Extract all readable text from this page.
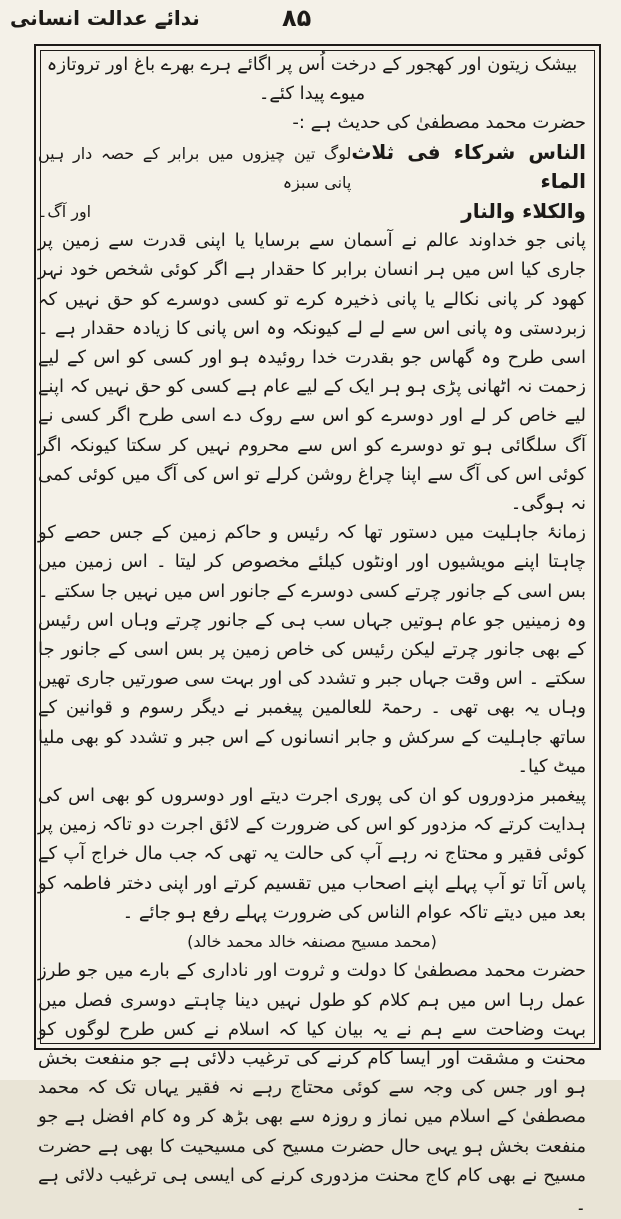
۸۵
ندائے عدالت انسانی

بیشک زیتون اور کھجور کے درخت اُس پر اگائے ہرے بھرے باغ اور تروتازہ میوے پیدا کئے۔

حضرت محمد مصطفیٰ کی حدیث ہے :-

الناس شرکاء فی ثلاث الماء
لوگ تین چیزوں میں برابر کے حصہ دار ہیں پانی سبزہ
والکلاء والنار
اور آگ۔

پانی جو خداوند عالم نے آسمان سے برسایا یا اپنی قدرت سے زمین پر جاری کیا اس میں ہر انسان برابر کا حقدار ہے اگر کوئی شخص خود نہر کھود کر پانی نکالے یا پانی ذخیرہ کرے تو کسی دوسرے کو حق نہیں کہ زبردستی وہ پانی اس سے لے لے کیونکہ وہ اس پانی کا زیادہ حقدار ہے ۔ اسی طرح وہ گھاس جو بقدرت خدا روئیدہ ہو اور کسی کو اس کے لیے زحمت نہ اٹھانی پڑی ہو ہر ایک کے لیے عام ہے کسی کو حق نہیں کہ اپنے لیے خاص کر لے اور دوسرے کو اس سے روک دے اسی طرح اگر کسی نے آگ سلگائی ہو تو دوسرے کو اس سے محروم نہیں کر سکتا کیونکہ اگر کوئی اس کی آگ سے اپنا چراغ روشن کرلے تو اس کی آگ میں کوئی کمی نہ ہوگی۔

زمانۂ جاہلیت میں دستور تھا کہ رئیس و حاکم زمین کے جس حصے کو چاہتا اپنے مویشیوں اور اونٹوں کیلئے مخصوص کر لیتا ۔ اس زمین میں بس اسی کے جانور چرتے کسی دوسرے کے جانور اس میں نہیں جا سکتے ۔ وہ زمینیں جو عام ہوتیں جہاں سب ہی کے جانور چرتے وہاں اس رئیس کے بھی جانور چرتے لیکن رئیس کی خاص زمین پر بس اسی کے جانور جا سکتے ۔ اس وقت جہاں جبر و تشدد کی اور بہت سی صورتیں جاری تھیں وہاں یہ بھی تھی ۔ رحمۃ للعالمین پیغمبر نے دیگر رسوم و قوانین کے ساتھ جاہلیت کے سرکش و جابر انسانوں کے اس جبر و تشدد کو بھی ملیا میٹ کیا۔

پیغمبر مزدوروں کو ان کی پوری اجرت دیتے اور دوسروں کو بھی اس کی ہدایت کرتے کہ مزدور کو اس کی ضرورت کے لائق اجرت دو تاکہ زمین پر کوئی فقیر و محتاج نہ رہے آپ کی حالت یہ تھی کہ جب مال خراج آپ کے پاس آتا تو آپ پہلے اپنے اصحاب میں تقسیم کرتے اور اپنی دختر فاطمہ کو بعد میں دیتے تاکہ عوام الناس کی ضرورت پہلے رفع ہو جائے ۔

(محمد مسیح مصنفہ خالد محمد خالد)

حضرت محمد مصطفیٰ کا دولت و ثروت اور ناداری کے بارے میں جو طرز عمل رہا اس میں ہم کلام کو طول نہیں دینا چاہتے دوسری فصل میں بہت وضاحت سے ہم نے یہ بیان کیا کہ اسلام نے کس طرح لوگوں کو محنت و مشقت اور ایسا کام کرنے کی ترغیب دلائی ہے جو منفعت بخش ہو اور جس کی وجہ سے کوئی محتاج رہے نہ فقیر یہاں تک کہ محمد مصطفیٰ کے اسلام میں نماز و روزہ سے بھی بڑھ کر وہ کام افضل ہے جو منفعت بخش ہو یہی حال حضرت مسیح کی مسیحیت کا بھی ہے حضرت مسیح نے بھی کام کاج محنت مزدوری کرنے کی ایسی ہی ترغیب دلائی ہے ۔
